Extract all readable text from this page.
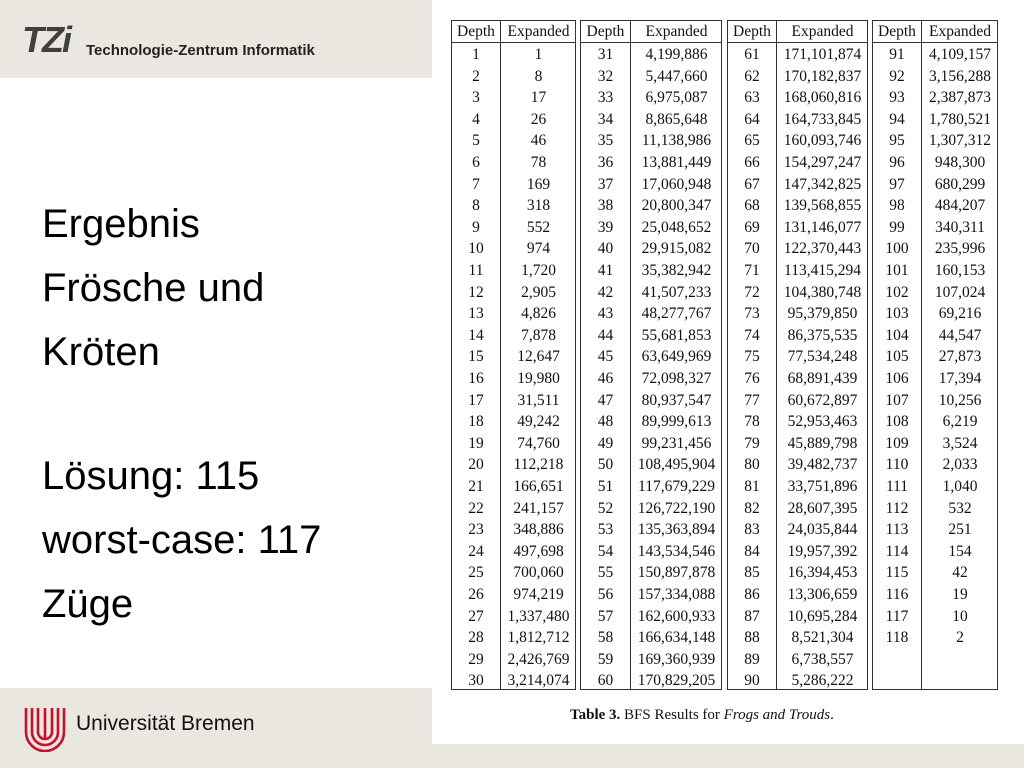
TZi Technologie-Zentrum Informatik
Ergebnis
Frösche und
Kröten
Lösung: 115
worst-case: 117
Züge
Universität Bremen
Depth Expanded
1	1
2	8
3	17
4	26
5	46
6	78
7	169
8	318
9	552
10	974
11	1,720
12	2,905
13	4,826
14	7,878
15	12,647
16	19,980
17	31,511
18	49,242
19	74,760
20	112,218
21	166,651
22	241,157
23	348,886
24	497,698
25	700,060
26	974,219
27	1,337,480
28	1,812,712
29	2,426,769
30	3,214,074
Depth	Expanded
31	4,199,886
32	5,447,660
33	6,975,087
34	8,865,648
35	11,138,986
36	13,881,449
37	17,060,948
38	20,800,347
39	25,048,652
40	29,915,082
41	35,382,942
42	41,507,233
43	48,277,767
44	55,681,853
45	63,649,969
46	72,098,327
47	80,937,547
48	89,999,613
49	99,231,456
50	108,495,904
51	117,679,229
52	126,722,190
53	135,363,894
54	143,534,546
55	150,897,878
56	157,334,088
57	162,600,933
58	166,634,148
59	169,360,939
60	170,829,205
Depth	Expanded
61	171,101,874
62	170,182,837
63	168,060,816
64	164,733,845
65	160,093,746
66	154,297,247
67	147,342,825
68	139,568,855
69	131,146,077
70	122,370,443
71	113,415,294
72	104,380,748
73	95,379,850
74	86,375,535
75	77,534,248
76	68,891,439
77	60,672,897
78	52,953,463
79	45,889,798
80	39,482,737
81	33,751,896
82	28,607,395
83	24,035,844
84	19,957,392
85	16,394,453
86	13,306,659
87	10,695,284
88	8,521,304
89	6,738,557
90	5,286,222
Depth Expanded
91	4,109,157
92	3,156,288
93	2,387,873
94	1,780,521
95	1,307,312
96	948,300
97	680,299
98	484,207
99	340,311
100	235,996
101	160,153
102	107,024
103	69,216
104	44,547
105	27,873
106	17,394
107	10,256
108	6,219
109	3,524
110	2,033
111	1,040
112	532
113	251
114	154
115	42
116	19
117	10
118	2
Table 3. BFS Results for Frogs and Trouds.
